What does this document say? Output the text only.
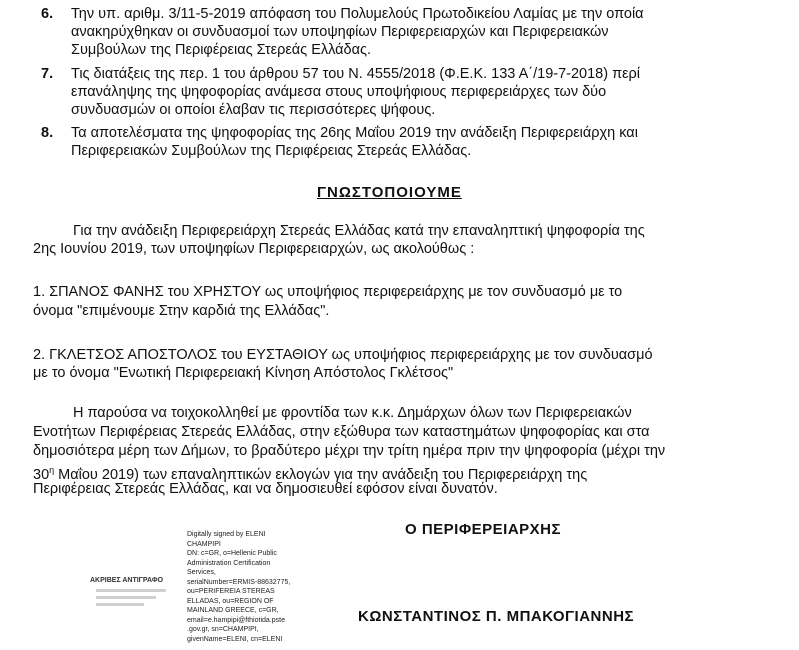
6. Την υπ. αριθμ. 3/11-5-2019 απόφαση του Πολυμελούς Πρωτοδικείου Λαμίας με την οποία
ανακηρύχθηκαν οι συνδυασμοί των υποψηφίων Περιφερειαρχών και Περιφερειακών
Συμβούλων της Περιφέρειας Στερεάς Ελλάδας.
7. Τις διατάξεις της περ. 1 του άρθρου 57 του Ν. 4555/2018 (Φ.Ε.Κ. 133 Α΄/19-7-2018) περί
επανάληψης της ψηφοφορίας ανάμεσα στους υποψήφιους περιφερειάρχες των δύο
συνδυασμών οι οποίοι έλαβαν τις περισσότερες ψήφους.
8. Τα αποτελέσματα της ψηφοφορίας της 26ης Μαΐου 2019 την ανάδειξη Περιφερειάρχη και
Περιφερειακών Συμβούλων της Περιφέρειας Στερεάς Ελλάδας.
ΓΝΩΣΤΟΠΟΙΟΥΜΕ
Για την ανάδειξη Περιφερειάρχη Στερεάς Ελλάδας κατά την επαναληπτική ψηφοφορία της
2ης Ιουνίου 2019, των υποψηφίων Περιφερειαρχών, ως ακολούθως :
1. ΣΠΑΝΟΣ ΦΑΝΗΣ του ΧΡΗΣΤΟΥ ως υποψήφιος περιφερειάρχης με τον συνδυασμό με το
όνομα "επιμένουμε Στην καρδιά της Ελλάδας".
2. ΓΚΛΕΤΣΟΣ ΑΠΟΣΤΟΛΟΣ του ΕΥΣΤΑΘΙΟΥ ως υποψήφιος περιφερειάρχης με τον συνδυασμό
με το όνομα "Ενωτική Περιφερειακή Κίνηση Απόστολος Γκλέτσος"
Η παρούσα να τοιχοκολληθεί με φροντίδα των κ.κ. Δημάρχων όλων των Περιφερειακών
Ενοτήτων Περιφέρειας Στερεάς Ελλάδας, στην εξώθυρα των καταστημάτων ψηφοφορίας και στα
δημοσιότερα μέρη των Δήμων, το βραδύτερο μέχρι την τρίτη ημέρα πριν την ψηφοφορία (μέχρι την
$30^\eta$ Μαΐου 2019) των επαναληπτικών εκλογών για την ανάδειξη του Περιφερειάρχη της
Περιφέρειας Στερεάς Ελλάδας, και να δημοσιευθεί εφόσον είναι δυνατόν.
ΑΚΡΙΒΕΣ ΑΝΤΙΓΡΑΦΟ
Digitally signed by ELENI
CHAMPIPI
DN: c=GR, o=Hellenic Public
Administration Certification
Services,
serialNumber=ERMIS-88632775,
ou=PERIFEREIA STEREAS
ELLADAS, ou=REGION OF
MAINLAND GREECE, c=GR,
email=e.hampipi@fthiotida.pste
.gov.gr, sn=CHAMPIPI,
givenName=ELENI, cn=ELENI
Ο ΠΕΡΙΦΕΡΕΙΑΡΧΗΣ
ΚΩΝΣΤΑΝΤΙΝΟΣ Π. ΜΠΑΚΟΓΙΑΝΝΗΣ
